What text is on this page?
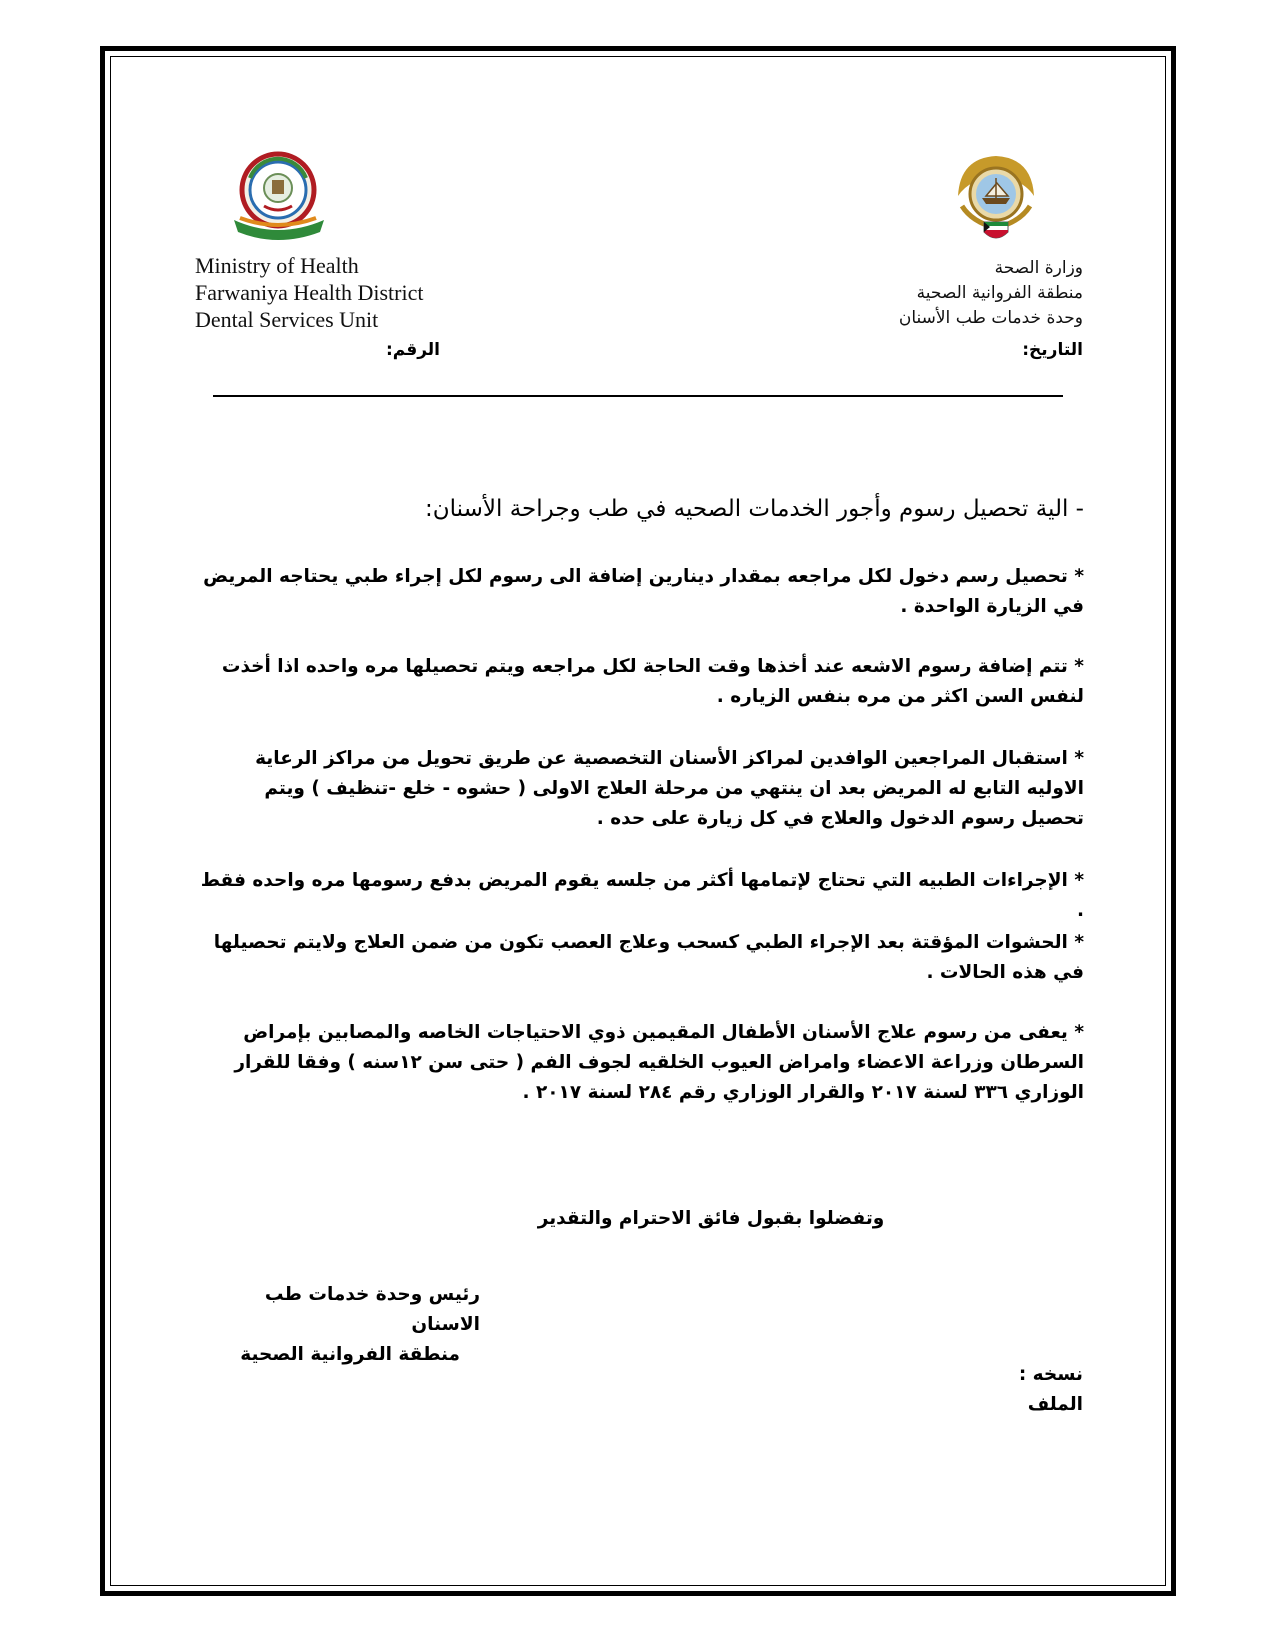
Ministry of Health
Farwaniya Health District
Dental Services Unit
الرقم:
وزارة الصحة
منطقة الفروانية الصحية
وحدة خدمات طب الأسنان
التاريخ:
- الية تحصيل رسوم وأجور الخدمات الصحيه في طب وجراحة الأسنان:
* تحصيل رسم دخول لكل مراجعه بمقدار دينارين إضافة الى رسوم لكل إجراء طبي يحتاجه المريض في الزيارة الواحدة .
* تتم إضافة رسوم الاشعه عند أخذها وقت الحاجة لكل مراجعه ويتم تحصيلها مره واحده اذا أخذت لنفس السن اكثر من مره بنفس الزياره .
* استقبال المراجعين الوافدين لمراكز الأسنان التخصصية عن طريق تحويل من مراكز الرعاية الاوليه التابع له المريض بعد ان ينتهي من مرحلة العلاج الاولى ( حشوه - خلع -تنظيف ) ويتم تحصيل رسوم الدخول والعلاج في كل زيارة على حده .
* الإجراءات الطبيه التي تحتاج لإتمامها أكثر من جلسه يقوم المريض بدفع رسومها مره واحده فقط .
* الحشوات المؤقتة بعد الإجراء الطبي كسحب وعلاج العصب تكون من ضمن العلاج ولايتم تحصيلها في هذه الحالات .
* يعفى من رسوم علاج الأسنان الأطفال المقيمين ذوي الاحتياجات الخاصه والمصابين بإمراض السرطان وزراعة الاعضاء وامراض العيوب الخلقيه لجوف الفم ( حتى سن ١٢سنه ) وفقا للقرار الوزاري ٣٣٦ لسنة ٢٠١٧ والقرار الوزاري رقم ٢٨٤ لسنة ٢٠١٧ .
وتفضلوا بقبول فائق الاحترام والتقدير
رئيس وحدة خدمات طب الاسنان
منطقة الفروانية الصحية
نسخه :
الملف
